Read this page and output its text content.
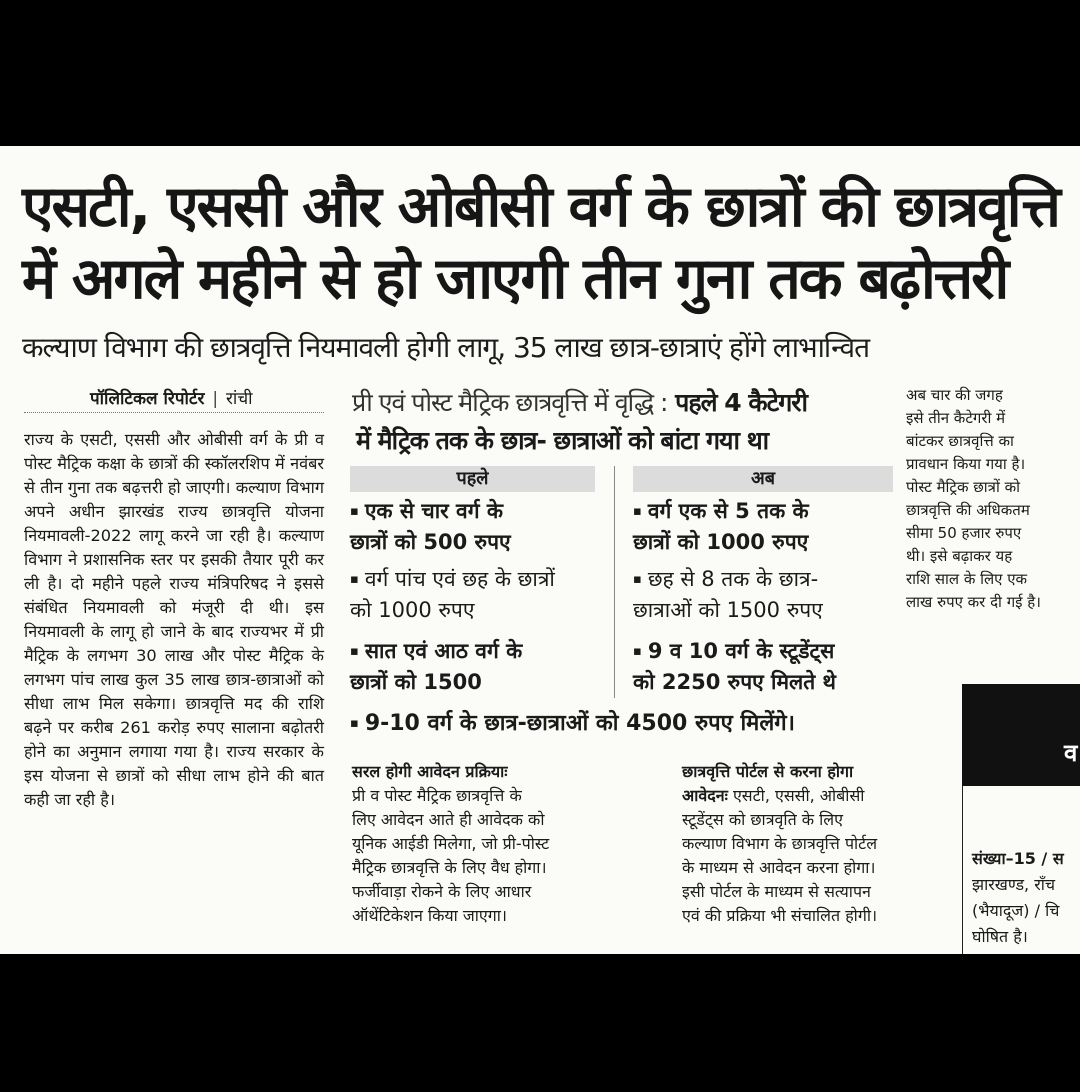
एसटी, एससी और ओबीसी वर्ग के छात्रों की छात्रवृत्ति
में अगले महीने से हो जाएगी तीन गुना तक बढ़ोत्तरी
कल्याण विभाग की छात्रवृत्ति नियमावली होगी लागू, 35 लाख छात्र-छात्राएं होंगे लाभान्वित
पॉलिटिकल रिपोर्टर | रांची

राज्य के एसटी, एससी और ओबीसी वर्ग के प्री व पोस्ट मैट्रिक कक्षा के छात्रों की स्कॉलरशिप में नवंबर से तीन गुना तक बढ़त्तरी हो जाएगी। कल्याण विभाग अपने अधीन झारखंड राज्य छात्रवृत्ति योजना नियमावली-2022 लागू करने जा रही है। कल्याण विभाग ने प्रशासनिक स्तर पर इसकी तैयार पूरी कर ली है। दो महीने पहले राज्य मंत्रिपरिषद ने इससे संबंधित नियमावली को मंजूरी दी थी। इस नियमावली के लागू हो जाने के बाद राज्यभर में प्री मैट्रिक के लगभग 30 लाख और पोस्ट मैट्रिक के लगभग पांच लाख कुल 35 लाख छात्र-छात्राओं को सीधा लाभ मिल सकेगा। छात्रवृत्ति मद की राशि बढ़ने पर करीब 261 करोड़ रुपए सालाना बढ़ोतरी होने का अनुमान लगाया गया है। राज्य सरकार के इस योजना से छात्रों को सीधा लाभ होने की बात कही जा रही है।

प्री एवं पोस्ट मैट्रिक छात्रवृत्ति में वृद्धि : पहले 4 कैटेगरी
में मैट्रिक तक के छात्र- छात्राओं को बांटा गया था
पहले	अब
▪ एक से चार वर्ग के
छात्रों को 500 रुपए
▪ वर्ग पांच एवं छह के छात्रों
को 1000 रुपए
▪ सात एवं आठ वर्ग के
छात्रों को 1500
▪ वर्ग एक से 5 तक के
छात्रों को 1000 रुपए
▪ छह से 8 तक के छात्र-
छात्राओं को 1500 रुपए
▪ 9 व 10 वर्ग के स्टूडेंट्स
को 2250 रुपए मिलते थे
▪ 9-10 वर्ग के छात्र-छात्राओं को 4500 रुपए मिलेंगे।

सरल होगी आवेदन प्रक्रियाः

प्री व पोस्ट मैट्रिक छात्रवृत्ति के

लिए आवेदन आते ही आवेदक को

यूनिक आईडी मिलेगा, जो प्री-पोस्ट

मैट्रिक छात्रवृत्ति के लिए वैध होगा।

फर्जीवाड़ा रोकने के लिए आधार

ऑथेंटिकेशन किया जाएगा।

छात्रवृत्ति पोर्टल से करना होगा

आवेदनः एसटी, एससी, ओबीसी

स्टूडेंट्स को छात्रवृति के लिए

कल्याण विभाग के छात्रवृत्ति पोर्टल

के माध्यम से आवेदन करना होगा।

इसी पोर्टल के माध्यम से सत्यापन

एवं की प्रक्रिया भी संचालित होगी।

अब चार की जगह

इसे तीन कैटेगरी में

बांटकर छात्रवृत्ति का

प्रावधान किया गया है।

पोस्ट मैट्रिक छात्रों को

छात्रवृत्ति की अधिकतम

सीमा 50 हजार रुपए

थी। इसे बढ़ाकर यह

राशि साल के लिए एक

लाख रुपए कर दी गई है।

व

संख्या–15 / स

झारखण्ड, राँच

(भैयादूज) / चि

घोषित है।
